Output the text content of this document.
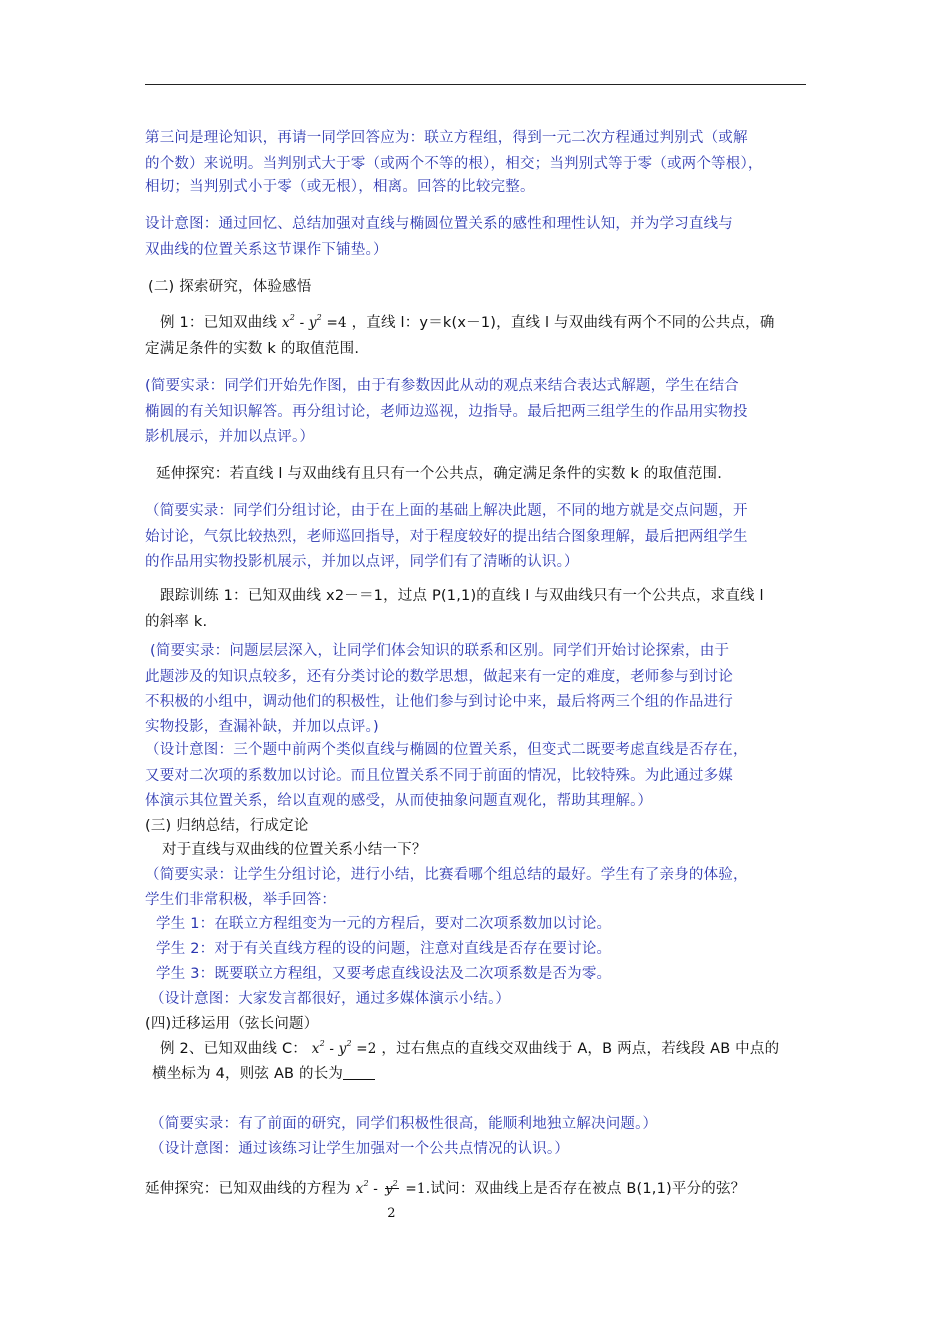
第三问是理论知识，再请一同学回答应为：联立方程组，得到一元二次方程通过判别式（或解
的个数）来说明。当判别式大于零（或两个不等的根），相交；当判别式等于零（或两个等根），
相切；当判别式小于零（或无根），相离。回答的比较完整。
设计意图：通过回忆、总结加强对直线与椭圆位置关系的感性和理性认知，并为学习直线与
双曲线的位置关系这节课作下铺垫。）
(二) 探索研究，体验感悟
例 1：已知双曲线 $x^2 - y^2 =4$ ，直线 l：y＝k(x－1)，直线 l 与双曲线有两个不同的公共点，确
定满足条件的实数 k 的取值范围.
(简要实录：同学们开始先作图，由于有参数因此从动的观点来结合表达式解题，学生在结合
椭圆的有关知识解答。再分组讨论，老师边巡视，边指导。最后把两三组学生的作品用实物投
影机展示，并加以点评。）
延伸探究：若直线 l 与双曲线有且只有一个公共点，确定满足条件的实数 k 的取值范围.
（简要实录：同学们分组讨论，由于在上面的基础上解决此题，不同的地方就是交点问题，开
始讨论，气氛比较热烈，老师巡回指导，对于程度较好的提出结合图象理解，最后把两组学生
的作品用实物投影机展示，并加以点评，同学们有了清晰的认识。）
跟踪训练 1：已知双曲线 x2－＝1，过点 P(1,1)的直线 l 与双曲线只有一个公共点，求直线 l
的斜率 k.
(简要实录：问题层层深入，让同学们体会知识的联系和区别。同学们开始讨论探索，由于
此题涉及的知识点较多，还有分类讨论的数学思想，做起来有一定的难度，老师参与到讨论
不积极的小组中，调动他们的积极性，让他们参与到讨论中来，最后将两三个组的作品进行
实物投影，查漏补缺，并加以点评。)
（设计意图：三个题中前两个类似直线与椭圆的位置关系，但变式二既要考虑直线是否存在，
又要对二次项的系数加以讨论。而且位置关系不同于前面的情况，比较特殊。为此通过多媒
体演示其位置关系，给以直观的感受，从而使抽象问题直观化，帮助其理解。）
(三) 归纳总结，行成定论
对于直线与双曲线的位置关系小结一下？
（简要实录：让学生分组讨论，进行小结，比赛看哪个组总结的最好。学生有了亲身的体验，
学生们非常积极，举手回答：
学生 1：在联立方程组变为一元的方程后，要对二次项系数加以讨论。
学生 2：对于有关直线方程的设的问题，注意对直线是否存在要讨论。
学生 3：既要联立方程组，又要考虑直线设法及二次项系数是否为零。
（设计意图：大家发言都很好，通过多媒体演示小结。）
(四)迁移运用（弦长问题）
例 2、已知双曲线 C： $x^2 - y^2 =2$ ，过右焦点的直线交双曲线于 A，B 两点，若线段 AB 中点的
横坐标为 4，则弦 AB 的长为
（简要实录：有了前面的研究，同学们积极性很高，能顺利地独立解决问题。）
（设计意图：通过该练习让学生加强对一个公共点情况的认识。）
延伸探究：已知双曲线的方程为 $x^2 - y^2$
2
=1.试问：双曲线上是否存在被点 B(1,1)平分的弦？
